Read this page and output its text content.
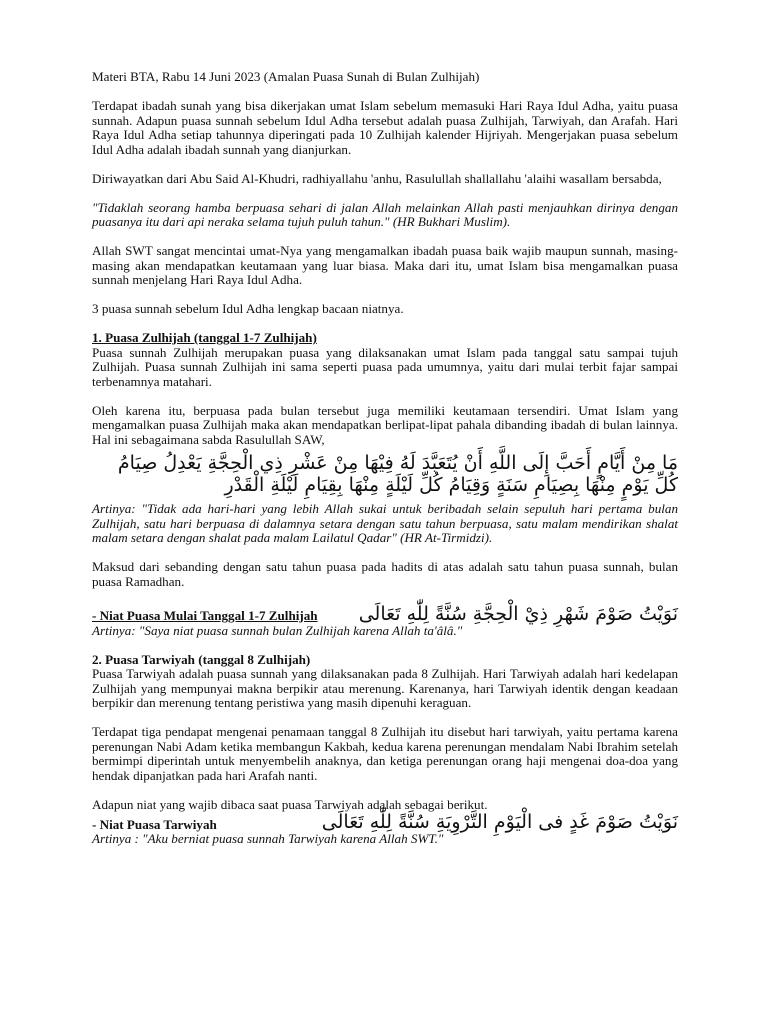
Materi BTA, Rabu 14 Juni 2023 (Amalan Puasa Sunah di Bulan Zulhijah)

Terdapat ibadah sunah yang bisa dikerjakan umat Islam sebelum memasuki Hari Raya Idul Adha, yaitu puasa sunnah. Adapun puasa sunnah sebelum Idul Adha tersebut adalah puasa Zulhijah, Tarwiyah, dan Arafah. Hari Raya Idul Adha setiap tahunnya diperingati pada 10 Zulhijah kalender Hijriyah. Mengerjakan puasa sebelum Idul Adha adalah ibadah sunnah yang dianjurkan.

Diriwayatkan dari Abu Said Al-Khudri, radhiyallahu 'anhu, Rasulullah shallallahu 'alaihi wasallam bersabda,

"Tidaklah seorang hamba berpuasa sehari di jalan Allah melainkan Allah pasti menjauhkan dirinya dengan puasanya itu dari api neraka selama tujuh puluh tahun." (HR Bukhari Muslim).

Allah SWT sangat mencintai umat-Nya yang mengamalkan ibadah puasa baik wajib maupun sunnah, masing-masing akan mendapatkan keutamaan yang luar biasa. Maka dari itu, umat Islam bisa mengamalkan puasa sunnah menjelang Hari Raya Idul Adha.

3 puasa sunnah sebelum Idul Adha lengkap bacaan niatnya.

1. Puasa Zulhijah (tanggal 1-7 Zulhijah)

Puasa sunnah Zulhijah merupakan puasa yang dilaksanakan umat Islam pada tanggal satu sampai tujuh Zulhijah. Puasa sunnah Zulhijah ini sama seperti puasa pada umumnya, yaitu dari mulai terbit fajar sampai terbenamnya matahari.

Oleh karena itu, berpuasa pada bulan tersebut juga memiliki keutamaan tersendiri. Umat Islam yang mengamalkan puasa Zulhijah maka akan mendapatkan berlipat-lipat pahala dibanding ibadah di bulan lainnya. Hal ini sebagaimana sabda Rasulullah SAW,

مَا مِنْ أَيَّامٍ أَحَبَّ إِلَى اللَّهِ أَنْ يُتَعَبَّدَ لَهُ فِيْهَا مِنْ عَشْرِ ذِي الْحِجَّةِ يَعْدِلُ صِيَامُ كُلِّ يَوْمٍ مِنْهَا بِصِيَامِ سَنَةٍ وَقِيَامُ كُلِّ لَيْلَةٍ مِنْهَا بِقِيَامِ لَيْلَةِ الْقَدْرِ

Artinya: "Tidak ada hari-hari yang lebih Allah sukai untuk beribadah selain sepuluh hari pertama bulan Zulhijah, satu hari berpuasa di dalamnya setara dengan satu tahun berpuasa, satu malam mendirikan shalat malam setara dengan shalat pada malam Lailatul Qadar" (HR At-Tirmidzi).

Maksud dari sebanding dengan satu tahun puasa pada hadits di atas adalah satu tahun puasa sunnah, bulan puasa Ramadhan.

- Niat Puasa Mulai Tanggal 1-7 Zulhijah نَوَيْتُ صَوْمَ شَهْرِ ذِيْ الْحِجَّةِ سُنَّةً لِلّٰهِ تَعَالَى

Artinya: "Saya niat puasa sunnah bulan Zulhijah karena Allah ta'âlâ."

2. Puasa Tarwiyah (tanggal 8 Zulhijah)

Puasa Tarwiyah adalah puasa sunnah yang dilaksanakan pada 8 Zulhijah. Hari Tarwiyah adalah hari kedelapan Zulhijah yang mempunyai makna berpikir atau merenung. Karenanya, hari Tarwiyah identik dengan keadaan berpikir dan merenung tentang peristiwa yang masih dipenuhi keraguan.

Terdapat tiga pendapat mengenai penamaan tanggal 8 Zulhijah itu disebut hari tarwiyah, yaitu pertama karena perenungan Nabi Adam ketika membangun Kakbah, kedua karena perenungan mendalam Nabi Ibrahim setelah bermimpi diperintah untuk menyembelih anaknya, dan ketiga perenungan orang haji mengenai doa-doa yang hendak dipanjatkan pada hari Arafah nanti.

Adapun niat yang wajib dibaca saat puasa Tarwiyah adalah sebagai berikut.

- Niat Puasa Tarwiyah	نَوَيْتُ صَوْمَ غَدٍ فى الْيَوْمِ التَّرْوِيَةِ سُنَّةً لِلّٰهِ تَعَالَى

Artinya : "Aku berniat puasa sunnah Tarwiyah karena Allah SWT."
